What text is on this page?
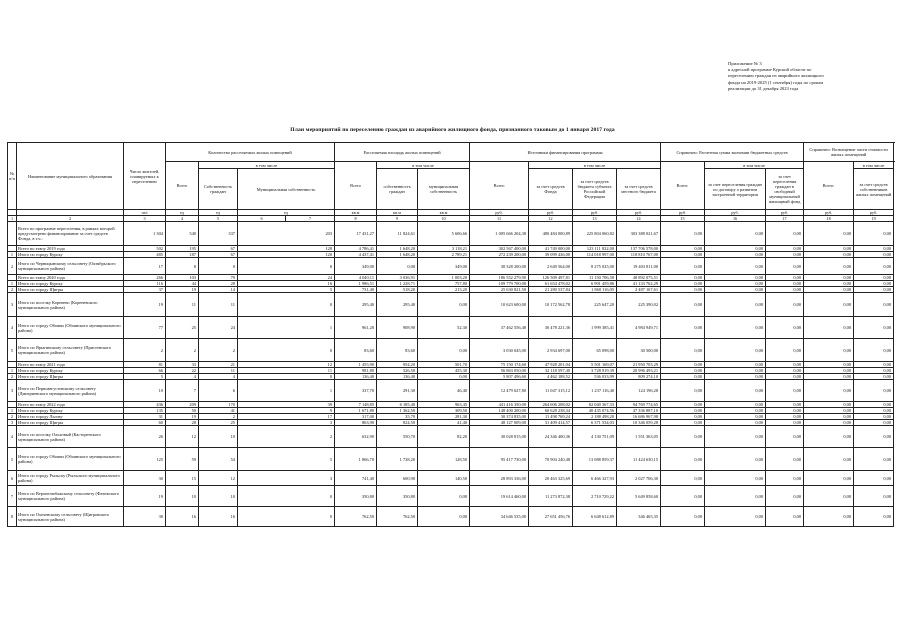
Приложение № 3
к адресной программе Курской области по
переселению граждан из аварийного жилищного
фонда на 2019-2025 (1 сентября) годы по срокам
реализации до 31 декабря 2023 года
План мероприятий по переселению граждан из аварийного жилищного фонда, признанного таковым до 1 января 2017 года
№ п/п	Наименование муниципального образования	Число жителей, планируемых к переселению	Количество расселяемых жилых помещений				Расселяемая площадь жилых помещений			Источники финансирования программы				Справочно: Расчетная сумма экономии бюджетных средств			Справочно: Возмещение части стоимости жилых помещений		
			Всего	в том числе			Всего	в том числе		Всего	в том числе			Всего:	в том числе		Всего:	в том числе	
				Собственность граждан	Муниципальная собственность			собственность граждан	муниципальная собственность		за счет средств Фонда	за счет средств бюджета субъекта Российской Федерации	за счет средств местного бюджета		за счет переселения граждан по договору о развитии застроенной территории	за счет переселения граждан в свободный муниципальный жилищный фонд		за счет средств собственников жилых помещений	
		чел	ед	ед	ед		кв.м	кв.м	кв.м	руб.	руб.	руб.	руб.	руб.	руб.	руб.	руб.	руб.	
1	2	3	4	5	6	7	8	9	10	11	12	13	14	15	16	17	18	19	
	Всего по программе переселения, в рамках которой предусмотрено финансирование за счет средств Фонда, в т.ч.:	1 304	540	337	203		17 431,27	11 824,61	5 606,66	1 005 666 204,38	480 484 000,89	225 804 060,82	303 388 021,67	0,00	0,00	0,00	0,00	0,00	
	Всего по этапу 2019 года	502	195	67	128		4 786,41	1 648,20	3 118,21	302 567 400,00	41 749 000,00	123 111 822,00	137 706 578,00	0,00	0,00	0,00	0,00	0,00	
1	Итого по городу Курску	485	187	67	120		4 437,41	1 648,20	2 789,21	272 239 200,00	39 099 436,00	114 018 997,00	118 810 767,00	0,00	0,00	0,00	0,00	0,00	
2	Итого по Черницынскому сельсовету (Октябрьского муниципального района)	17	8	0	8		349,00	0,00	349,00	30 328 200,00	2 649 564,00	8 275 025,00	19 403 811,00	0,00	0,00	0,00	0,00	0,00	
	Всего по этапу 2020 года	266	103	79	24		4 040,11	3 036,91	1 003,20	186 552 279,90	126 509 497,81	11 150 706,58	48 892 075,51	0,00	0,00	0,00	0,00	0,00	
1	Итого по городу Курску	116	44	28	16		1 986,51	1 228,71	757,80	109 779 700,00	61 654 478,02	6 991 459,86	41 133 762,29	0,00	0,00	0,00	0,00	0,00	
2	Итого по городу Щигры	37	19	14	5		731,40	518,20	213,20	25 630 821,50	21 280 537,84	1 860 116,05	2 487 167,61	0,00	0,00	0,00	0,00	0,00	
3	Итого по поселку Коренево (Кореневского муниципального района)	19	11	11	0		295,40	295,40	0,00	10 623 600,00	10 172 562,78	225 647,20	225 390,02	0,00	0,00	0,00	0,00	0,00	
4	Итого по городу Обояни (Обоянского муниципального района)	77	25	24	1		961,20	908,90	52,30	37 462 556,48	30 478 221,36	1 999 385,41	4 984 949,71	0,00	0,00	0,00	0,00	0,00	
5	Итого по Ярыгинскому сельсовету (Пристенского муниципального района)	2	2	2	0		83,60	83,60	0,00	3 030 045,00	2 934 697,00	65 098,00	30 500,00	0,00	0,00	0,00	0,00	0,00	
	Всего по этапу 2021 года	81	33	21	12		1 455,90	954,20	501,70	75 150 174,60	47 928 201,04	5 501 169,07	21 950 703,29	0,00	0,00	0,00	0,00	0,00	
1	Итого по городу Курску	66	22	11	11		981,80	526,50	455,30	56 863 050,00	32 118 597,40	3 728 919,39	20 996 493,21	0,00	0,00	0,00	0,00	0,00	
2	Итого по городу Щигры	5	4	4	0		136,40	136,40	0,00	5 807 496,60	4 462 188,52	536 033,99	809 274,10	0,00	0,00	0,00	0,00	0,00	
3	Итого по Первоавгустовскому сельсовету (Дмитриевского муниципального района)	10	7	6	1		337,70	291,30	46,40	12 479 627,80	11 047 315,12	1 237 116,40	124 196,28	0,00	0,00	0,00	0,00	0,00	
	Всего по этапу 2022 года	436	209	170	39		7 148,85	6 185,40	963,45	441 416 350,00	264 606 208,02	82 040 367,33	94 769 774,65	0,00	0,00	0,00	0,00	0,00	
1	Итого по городу Курску	135	50	41	9		1 671,80	1 362,50	309,50	148 400 200,00	60 628 238,34	40 435 074,56	47 336 887,10	0,00	0,00	0,00	0,00	0,00	
2	Итого по городу Льгову	31	19	2	17		317,00	35,70	281,30	30 374 835,00	11 498 769,24	2 188 498,20	16 686 967,98	0,00	0,00	0,00	0,00	0,00	
3	Итого по городу Щигры	60	28	25	3		863,90	824,50	41,40	48 127 009,00	31 409 414,57	6 371 534,03	10 346 059,28	0,00	0,00	0,00	0,00	0,00	
4	Итого по поселку Ольховый (Касторенского муниципального района)	26	12	10	2		632,90	550,70	82,20	30 028 815,00	24 346 400,36	4 130 751,09	1 551 363,05	0,00	0,00	0,00	0,00	0,00	
5	Итого по городу Обояни (Обоянского муниципального района)	125	59	54	5		1 866,70	1 738,20	128,50	95 417 730,00	70 904 240,48	13 088 859,37	11 424 630,15	0,00	0,00	0,00	0,00	0,00	
6	Итого по городу Рыльску (Рыльского муниципального района)	30	15	12	3		741,40	600,90	140,50	28 893 336,00	20 463 325,69	6 466 327,93	2 027 706,30	0,00	0,00	0,00	0,00	0,00	
7	Итого по Верхнелюбажскому сельсовету (Фатежского муниципального района)	19	10	10	0		350,80	350,80	0,00	19 614 460,00	11 273 872,38	2 710 729,22	5 649 858,60	0,00	0,00	0,00	0,00	0,00	
8	Итого по Охочевскому сельсовету (Щигровского муниципального района)	38	16	16	0		762,50	762,50	0,00	34 646 535,00	27 651 456,76	6 648 612,89	346 465,35	0,00	0,00	0,00	0,00	0,00	
